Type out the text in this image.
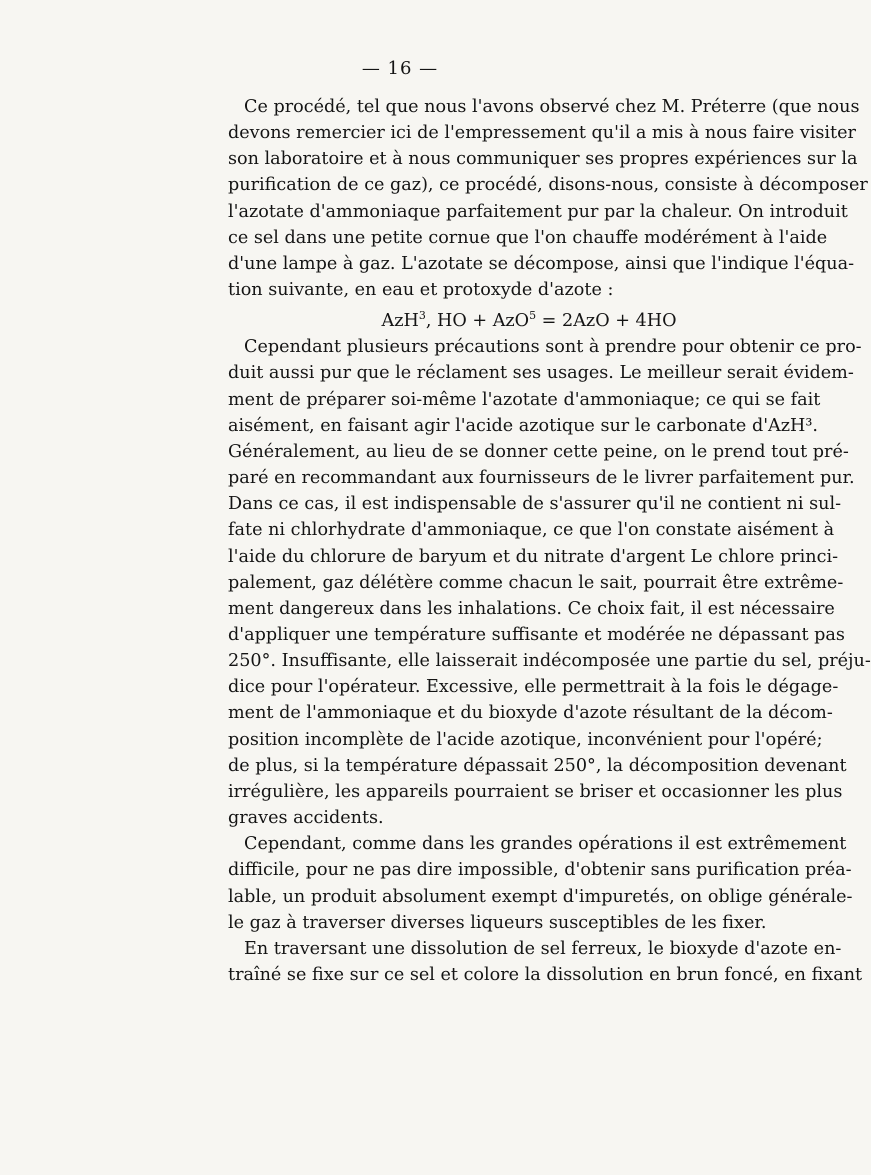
— 16 —
Ce procédé, tel que nous l'avons observé chez M. Préterre (que nous
devons remercier ici de l'empressement qu'il a mis à nous faire visiter
son laboratoire et à nous communiquer ses propres expériences sur la
purification de ce gaz), ce procédé, disons-nous, consiste à décomposer
l'azotate d'ammoniaque parfaitement pur par la chaleur. On introduit
ce sel dans une petite cornue que l'on chauffe modérément à l'aide
d'une lampe à gaz. L'azotate se décompose, ainsi que l'indique l'équa-
tion suivante, en eau et protoxyde d'azote :
AzH$^3$, HO + AzO$^5$ = 2AzO + 4HO
Cependant plusieurs précautions sont à prendre pour obtenir ce pro-
duit aussi pur que le réclament ses usages. Le meilleur serait évidem-
ment de préparer soi-même l'azotate d'ammoniaque; ce qui se fait
aisément, en faisant agir l'acide azotique sur le carbonate d'AzH³.
Généralement, au lieu de se donner cette peine, on le prend tout pré-
paré en recommandant aux fournisseurs de le livrer parfaitement pur.
Dans ce cas, il est indispensable de s'assurer qu'il ne contient ni sul-
fate ni chlorhydrate d'ammoniaque, ce que l'on constate aisément à
l'aide du chlorure de baryum et du nitrate d'argent Le chlore princi-
palement, gaz délétère comme chacun le sait, pourrait être extrême-
ment dangereux dans les inhalations. Ce choix fait, il est nécessaire
d'appliquer une température suffisante et modérée ne dépassant pas
250°. Insuffisante, elle laisserait indécomposée une partie du sel, préju-
dice pour l'opérateur. Excessive, elle permettrait à la fois le dégage-
ment de l'ammoniaque et du bioxyde d'azote résultant de la décom-
position incomplète de l'acide azotique, inconvénient pour l'opéré;
de plus, si la température dépassait 250°, la décomposition devenant
irrégulière, les appareils pourraient se briser et occasionner les plus
graves accidents.
Cependant, comme dans les grandes opérations il est extrêmement
difficile, pour ne pas dire impossible, d'obtenir sans purification préa-
lable, un produit absolument exempt d'impuretés, on oblige générale-
le gaz à traverser diverses liqueurs susceptibles de les fixer.
En traversant une dissolution de sel ferreux, le bioxyde d'azote en-
traîné se fixe sur ce sel et colore la dissolution en brun foncé, en fixant
